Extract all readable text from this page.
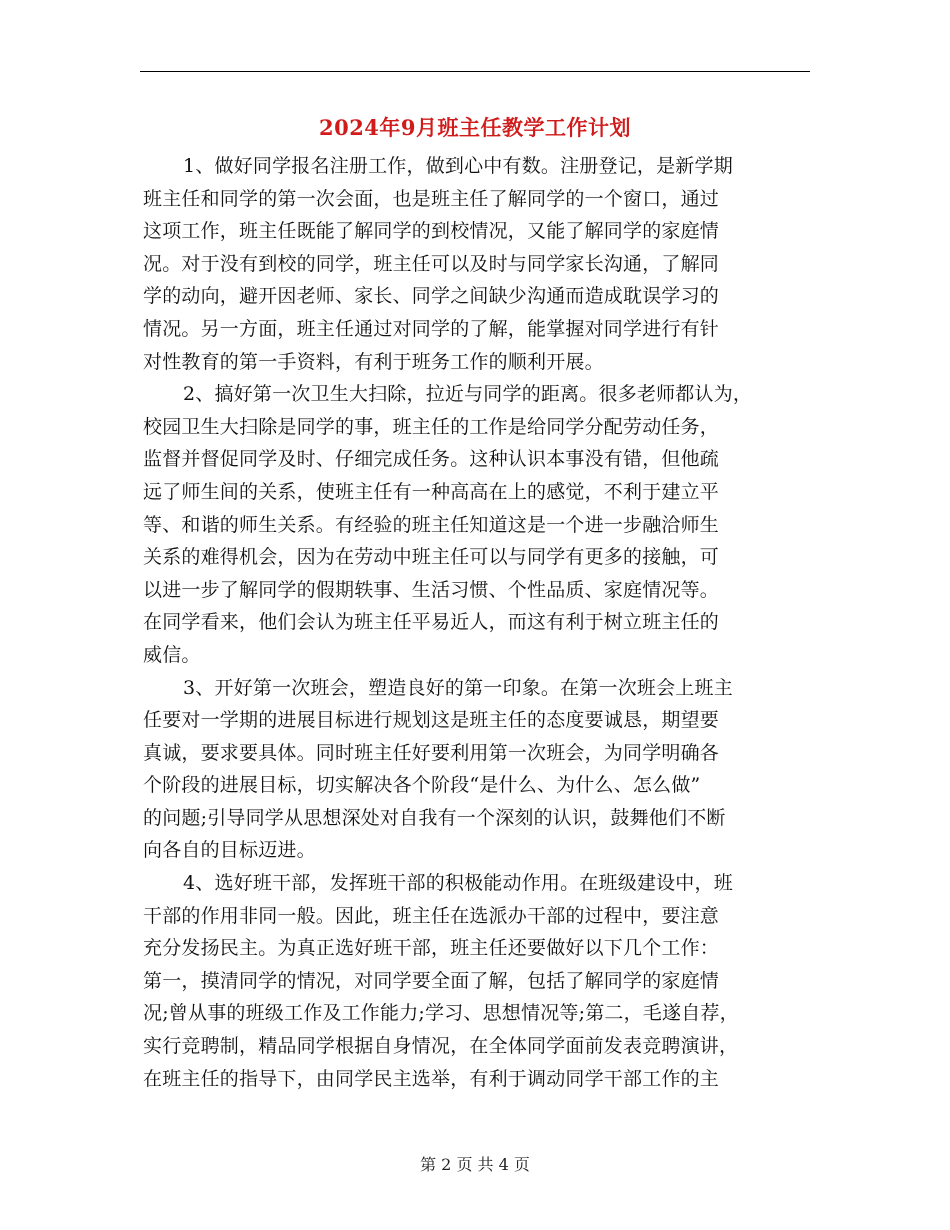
2024年9月班主任教学工作计划
1、做好同学报名注册工作，做到心中有数。注册登记，是新学期
班主任和同学的第一次会面，也是班主任了解同学的一个窗口，通过
这项工作，班主任既能了解同学的到校情况，又能了解同学的家庭情
况。对于没有到校的同学，班主任可以及时与同学家长沟通，了解同
学的动向，避开因老师、家长、同学之间缺少沟通而造成耽误学习的
情况。另一方面，班主任通过对同学的了解，能掌握对同学进行有针
对性教育的第一手资料，有利于班务工作的顺利开展。
2、搞好第一次卫生大扫除，拉近与同学的距离。很多老师都认为，
校园卫生大扫除是同学的事，班主任的工作是给同学分配劳动任务，
监督并督促同学及时、仔细完成任务。这种认识本事没有错，但他疏
远了师生间的关系，使班主任有一种高高在上的感觉，不利于建立平
等、和谐的师生关系。有经验的班主任知道这是一个进一步融洽师生
关系的难得机会，因为在劳动中班主任可以与同学有更多的接触，可
以进一步了解同学的假期轶事、生活习惯、个性品质、家庭情况等。
在同学看来，他们会认为班主任平易近人，而这有利于树立班主任的
威信。
3、开好第一次班会，塑造良好的第一印象。在第一次班会上班主
任要对一学期的进展目标进行规划这是班主任的态度要诚恳，期望要
真诚，要求要具体。同时班主任好要利用第一次班会，为同学明确各
个阶段的进展目标，切实解决各个阶段“是什么、为什么、怎么做”
的问题;引导同学从思想深处对自我有一个深刻的认识，鼓舞他们不断
向各自的目标迈进。
4、选好班干部，发挥班干部的积极能动作用。在班级建设中，班
干部的作用非同一般。因此，班主任在选派办干部的过程中，要注意
充分发扬民主。为真正选好班干部，班主任还要做好以下几个工作：
第一，摸清同学的情况，对同学要全面了解，包括了解同学的家庭情
况;曾从事的班级工作及工作能力;学习、思想情况等;第二，毛遂自荐，
实行竞聘制，精品同学根据自身情况，在全体同学面前发表竞聘演讲，
在班主任的指导下，由同学民主选举，有利于调动同学干部工作的主
第 2 页 共 4 页
